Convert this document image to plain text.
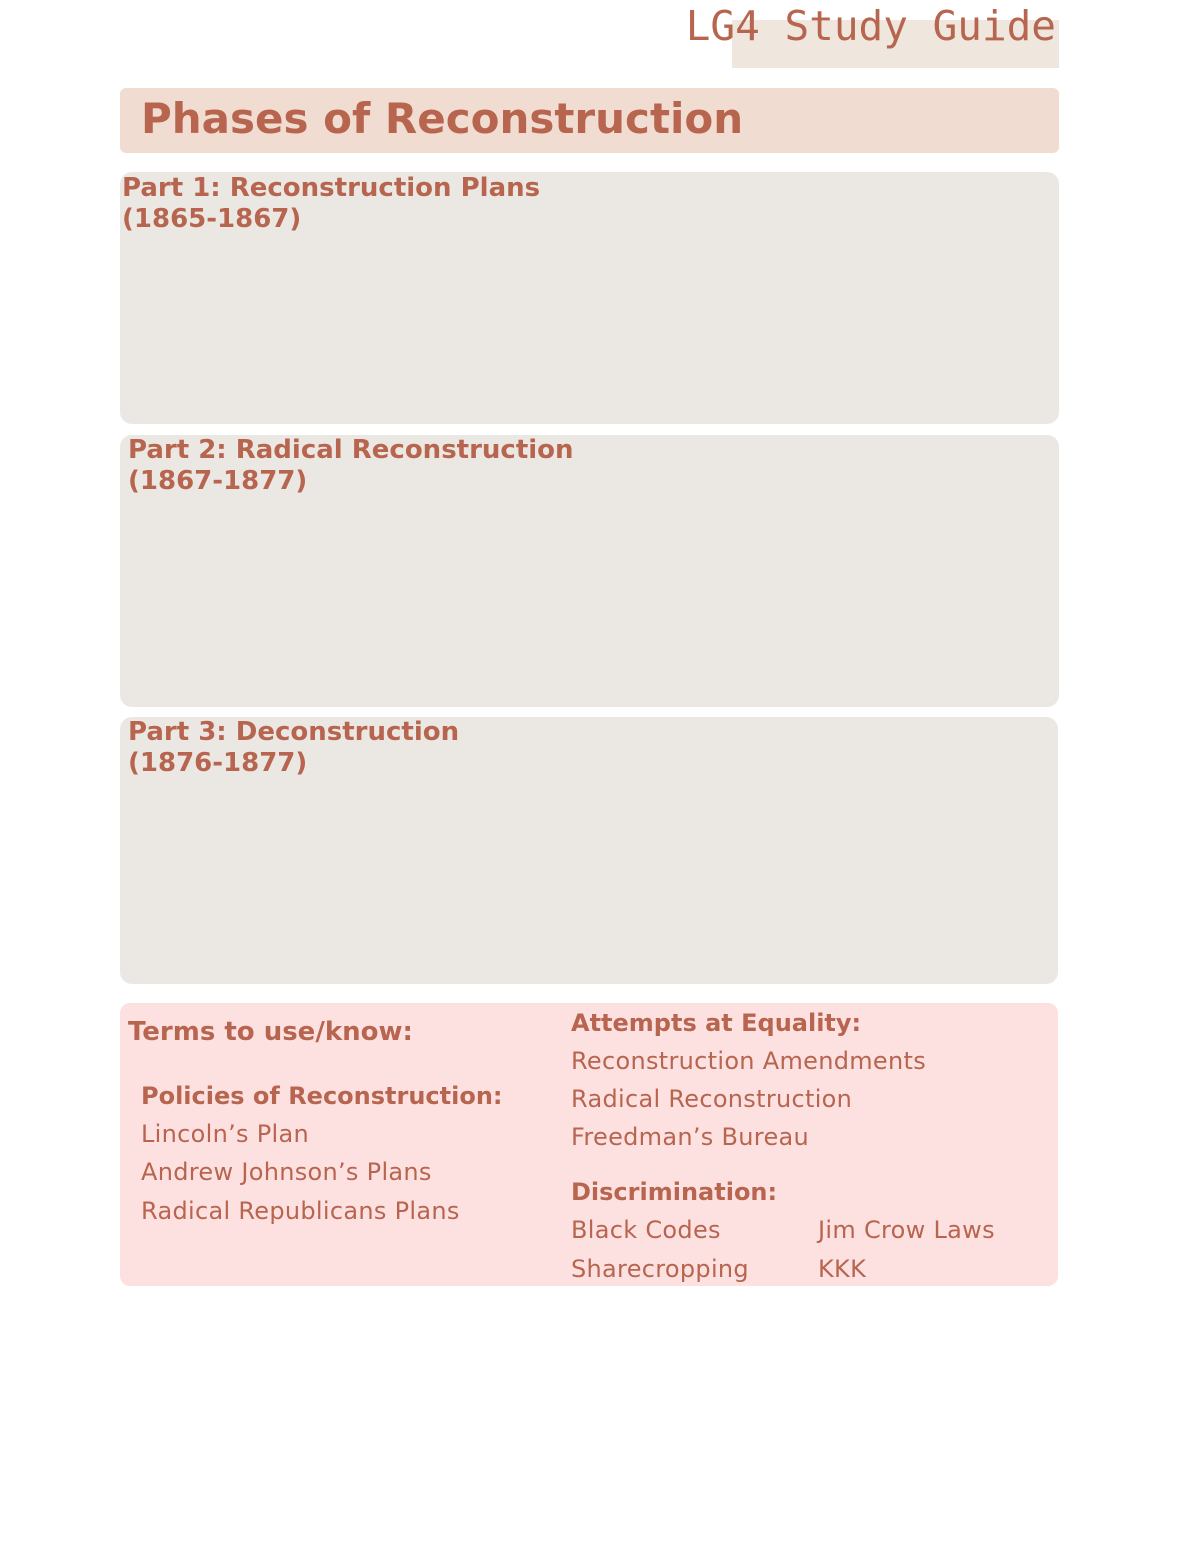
LG4 Study Guide
Phases of Reconstruction
Part 1: Reconstruction Plans
(1865-1867)
Part 2: Radical Reconstruction
(1867-1877)
Part 3: Deconstruction
(1876-1877)
Terms to use/know:
Policies of Reconstruction:
Lincoln’s Plan
Andrew Johnson’s Plans
Radical Republicans Plans
Attempts at Equality:
Reconstruction Amendments
Radical Reconstruction
Freedman’s Bureau
Discrimination:
Black Codes	Jim Crow Laws
Sharecropping	KKK
